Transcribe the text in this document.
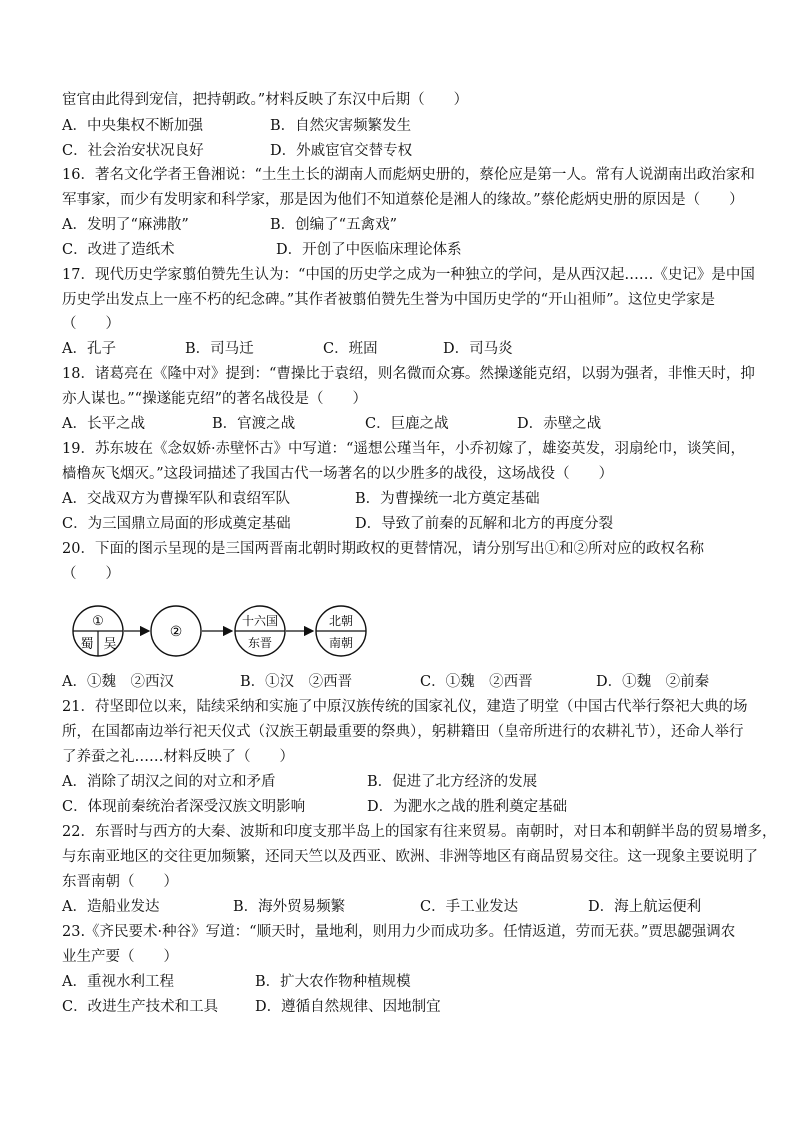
宦官由此得到宠信，把持朝政。”材料反映了东汉中后期（　　）
A．中央集权不断加强	B．自然灾害频繁发生
C．社会治安状况良好	D．外戚宦官交替专权
16．著名文化学者王鲁湘说：“土生土长的湖南人而彪炳史册的，蔡伦应是第一人。常有人说湖南出政治家和
军事家，而少有发明家和科学家，那是因为他们不知道蔡伦是湘人的缘故。”蔡伦彪炳史册的原因是（　　）
A．发明了“麻沸散”	B．创编了“五禽戏”
C．改进了造纸术	D．开创了中医临床理论体系
17．现代历史学家翦伯赞先生认为：“中国的历史学之成为一种独立的学问，是从西汉起……《史记》是中国
历史学出发点上一座不朽的纪念碑。”其作者被翦伯赞先生誉为中国历史学的“开山祖师”。这位史学家是
（　　）
A．孔子	B．司马迁	C．班固	D．司马炎
18．诸葛亮在《隆中对》提到：“曹操比于袁绍，则名微而众寡。然操遂能克绍，以弱为强者，非惟天时，抑
亦人谋也。”“操遂能克绍”的著名战役是（　　）
A．长平之战	B．官渡之战	C．巨鹿之战	D．赤壁之战
19．苏东坡在《念奴娇·赤壁怀古》中写道：“遥想公瑾当年，小乔初嫁了，雄姿英发，羽扇纶巾，谈笑间，
樯橹灰飞烟灭。”这段词描述了我国古代一场著名的以少胜多的战役，这场战役（　　）
A．交战双方为曹操军队和袁绍军队	B．为曹操统一北方奠定基础
C．为三国鼎立局面的形成奠定基础	D．导致了前秦的瓦解和北方的再度分裂
20．下面的图示呈现的是三国两晋南北朝时期政权的更替情况，请分别写出①和②所对应的政权名称
（　　）
①
蜀 吴
②
十六国
东晋
北朝
南朝
A．①魏　②西汉	B．①汉　②西晋	C．①魏　②西晋	D．①魏　②前秦
21．苻坚即位以来，陆续采纳和实施了中原汉族传统的国家礼仪，建造了明堂（中国古代举行祭祀大典的场
所，在国都南边举行祀天仪式（汉族王朝最重要的祭典），躬耕籍田（皇帝所进行的农耕礼节），还命人举行
了养蚕之礼……材料反映了（　　）
A．消除了胡汉之间的对立和矛盾	B．促进了北方经济的发展
C．体现前秦统治者深受汉族文明影响	D．为淝水之战的胜利奠定基础
22．东晋时与西方的大秦、波斯和印度支那半岛上的国家有往来贸易。南朝时，对日本和朝鲜半岛的贸易增多，
与东南亚地区的交往更加频繁，还同天竺以及西亚、欧洲、非洲等地区有商品贸易交往。这一现象主要说明了
东晋南朝（　　）
A．造船业发达	B．海外贸易频繁	C．手工业发达	D．海上航运便利
23.《齐民要术·种谷》写道：“顺天时，量地利，则用力少而成功多。任情返道，劳而无获。”贾思勰强调农
业生产要（　　）
A．重视水利工程	B．扩大农作物种植规模
C．改进生产技术和工具	D．遵循自然规律、因地制宜
